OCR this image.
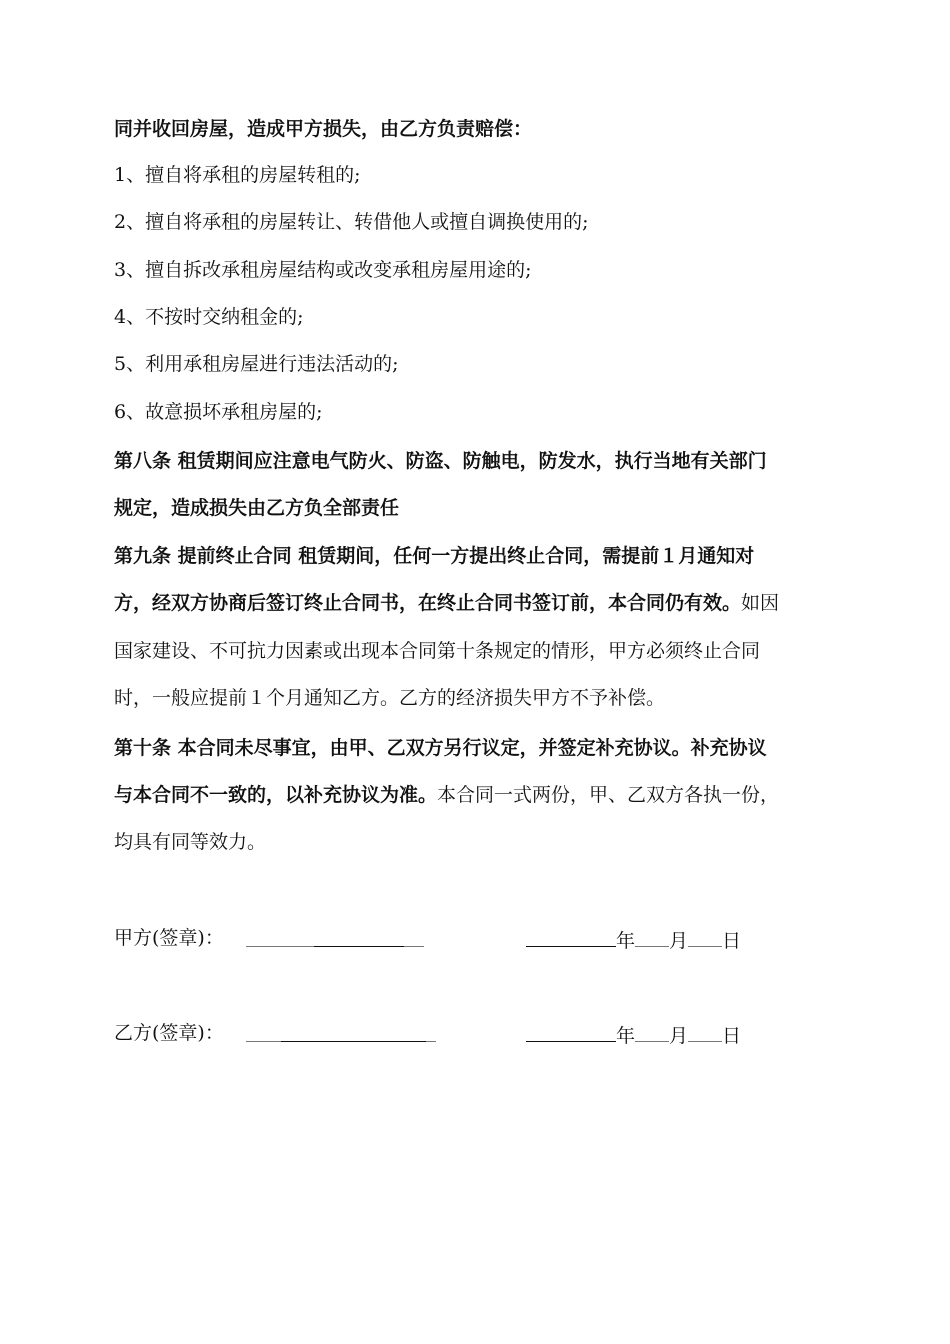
同并收回房屋，造成甲方损失，由乙方负责赔偿：
1、擅自将承租的房屋转租的;
2、擅自将承租的房屋转让、转借他人或擅自调换使用的;
3、擅自拆改承租房屋结构或改变承租房屋用途的;
4、不按时交纳租金的;
5、利用承租房屋进行违法活动的;
6、故意损坏承租房屋的;
第八条 租赁期间应注意电气防火、防盗、防触电，防发水，执行当地有关部门
规定，造成损失由乙方负全部责任
第九条 提前终止合同 租赁期间，任何一方提出终止合同，需提前１月通知对
方，经双方协商后签订终止合同书，在终止合同书签订前，本合同仍有效。如因
国家建设、不可抗力因素或出现本合同第十条规定的情形，甲方必须终止合同
时，一般应提前１个月通知乙方。乙方的经济损失甲方不予补偿。
第十条 本合同未尽事宜，由甲、乙双方另行议定，并签定补充协议。补充协议
与本合同不一致的，以补充协议为准。本合同一式两份，甲、乙双方各执一份，
均具有同等效力。
甲方(签章)：	年 月 日
乙方(签章)：	年 月 日
